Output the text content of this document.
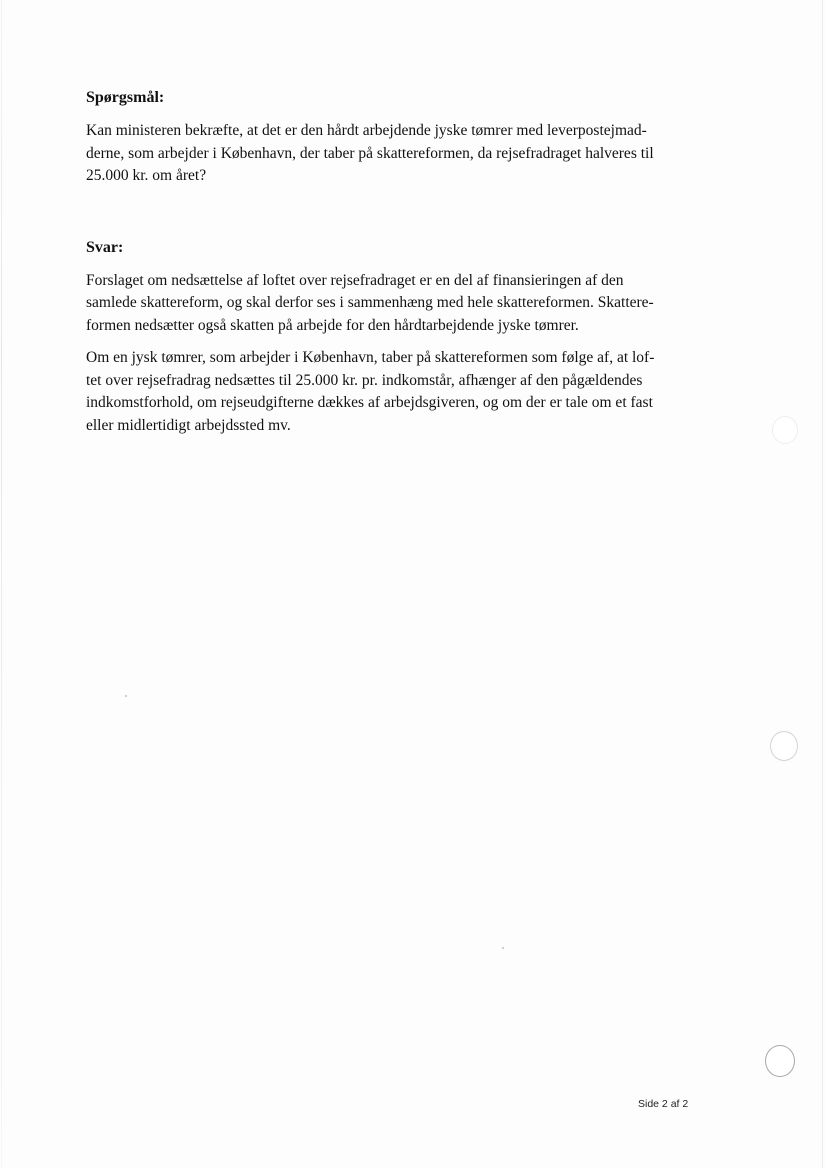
Spørgsmål:

Kan ministeren bekræfte, at det er den hårdt arbejdende jyske tømrer med leverpostejmad-
derne, som arbejder i København, der taber på skattereformen, da rejsefradraget halveres til
25.000 kr. om året?

Svar:

Forslaget om nedsættelse af loftet over rejsefradraget er en del af finansieringen af den
samlede skattereform, og skal derfor ses i sammenhæng med hele skattereformen. Skattere-
formen nedsætter også skatten på arbejde for den hårdtarbejdende jyske tømrer.

Om en jysk tømrer, som arbejder i København, taber på skattereformen som følge af, at lof-
tet over rejsefradrag nedsættes til 25.000 kr. pr. indkomstår, afhænger af den pågældendes
indkomstforhold, om rejseudgifterne dækkes af arbejdsgiveren, og om der er tale om et fast
eller midlertidigt arbejdssted mv.

Side 2 af 2
